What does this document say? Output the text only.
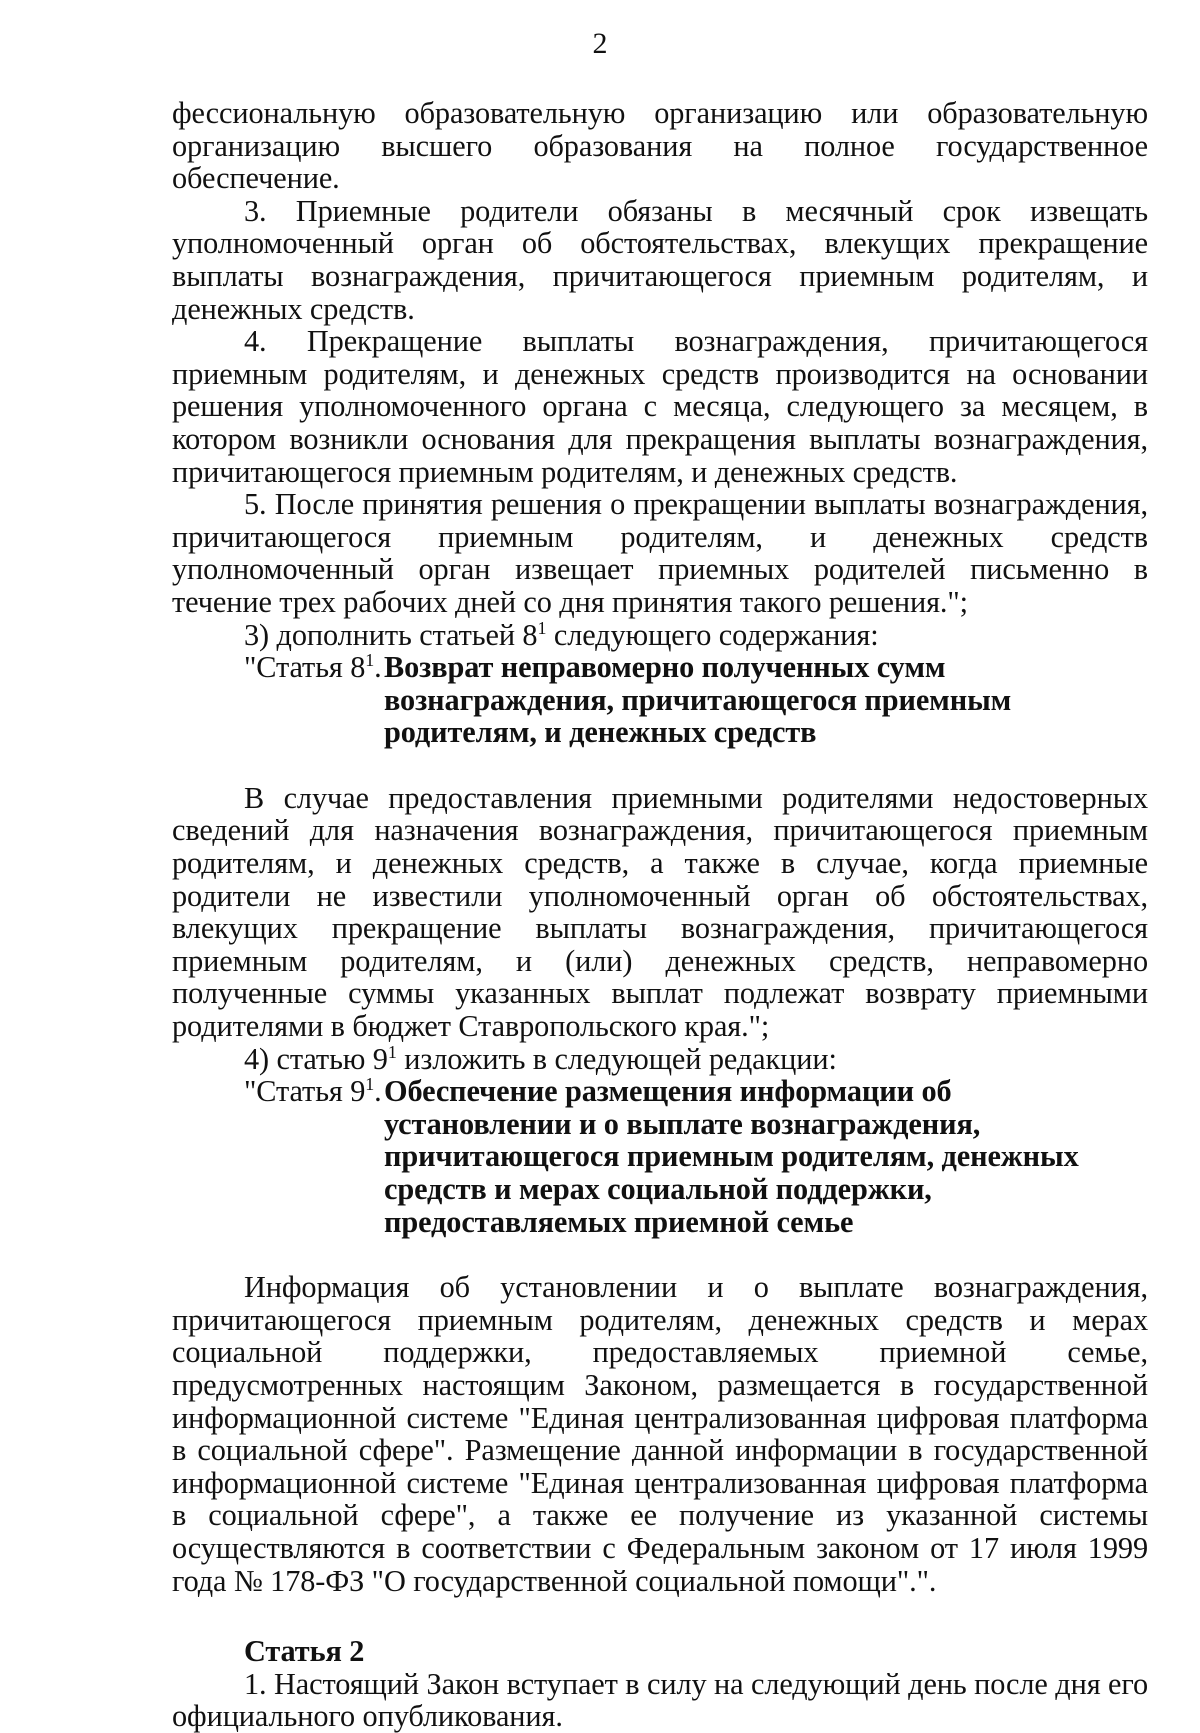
2

фессиональную образовательную организацию или образовательную организацию высшего образования на полное государственное обеспечение.

3. Приемные родители обязаны в месячный срок извещать уполномоченный орган об обстоятельствах, влекущих прекращение выплаты вознаграждения, причитающегося приемным родителям, и денежных средств.

4. Прекращение выплаты вознаграждения, причитающегося приемным родителям, и денежных средств производится на основании решения уполномоченного органа с месяца, следующего за месяцем, в котором возникли основания для прекращения выплаты вознаграждения, причитающегося приемным родителям, и денежных средств.

5. После принятия решения о прекращении выплаты вознаграждения, причитающегося приемным родителям, и денежных средств уполномоченный орган извещает приемных родителей письменно в течение трех рабочих дней со дня принятия такого решения.";

3) дополнить статьей $8^1$ следующего содержания:

"Статья $8^1$. Возврат неправомерно полученных сумм вознаграждения, причитающегося приемным родителям, и денежных средств

В случае предоставления приемными родителями недостоверных сведений для назначения вознаграждения, причитающегося приемным родителям, и денежных средств, а также в случае, когда приемные родители не известили уполномоченный орган об обстоятельствах, влекущих прекращение выплаты вознаграждения, причитающегося приемным родителям, и (или) денежных средств, неправомерно полученные суммы указанных выплат подлежат возврату приемными родителями в бюджет Ставропольского края.";

4) статью $9^1$ изложить в следующей редакции:

"Статья $9^1$. Обеспечение размещения информации об установлении и о выплате вознаграждения, причитающегося приемным родителям, денежных средств и мерах социальной поддержки, предоставляемых приемной семье

Информация об установлении и о выплате вознаграждения, причитающегося приемным родителям, денежных средств и мерах социальной поддержки, предоставляемых приемной семье, предусмотренных настоящим Законом, размещается в государственной информационной системе "Единая централизованная цифровая платформа в социальной сфере". Размещение данной информации в государственной информационной системе "Единая централизованная цифровая платформа в социальной сфере", а также ее получение из указанной системы осуществляются в соответствии с Федеральным законом от 17 июля 1999 года № 178-ФЗ "О государственной социальной помощи".".

Статья 2

1. Настоящий Закон вступает в силу на следующий день после дня его официального опубликования.
